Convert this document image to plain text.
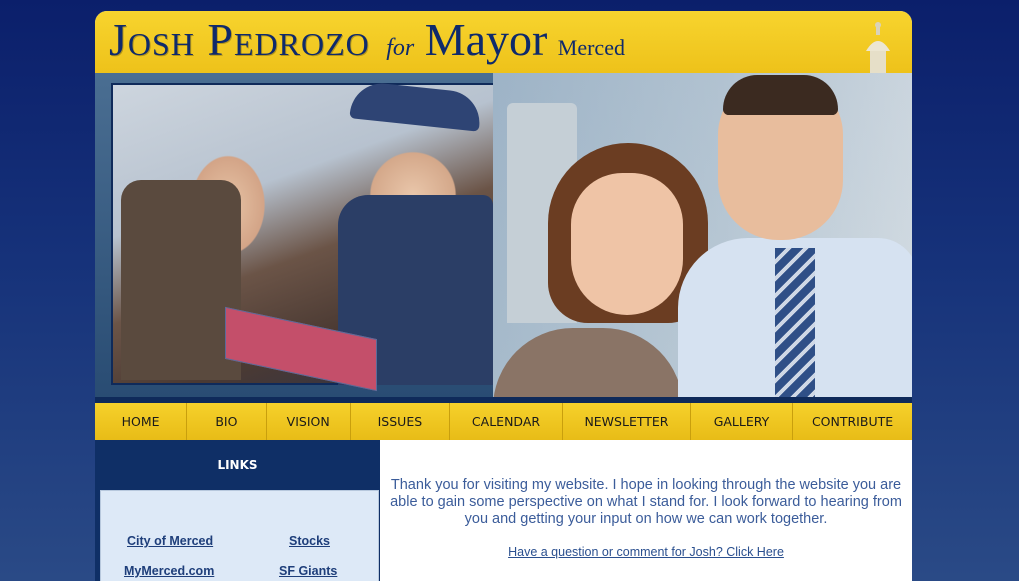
Josh Pedrozo for Mayor Merced
HOME	BIO	VISION	ISSUES	CALENDAR	NEWSLETTER	GALLERY	CONTRIBUTE
LINKS
City of Merced	Stocks
MyMerced.com	SF Giants

Thank you for visiting my website. I hope in looking through the website you are able to gain some perspective on what I stand for. I look forward to hearing from you and getting your input on how we can work together.

Have a question or comment for Josh? Click Here
